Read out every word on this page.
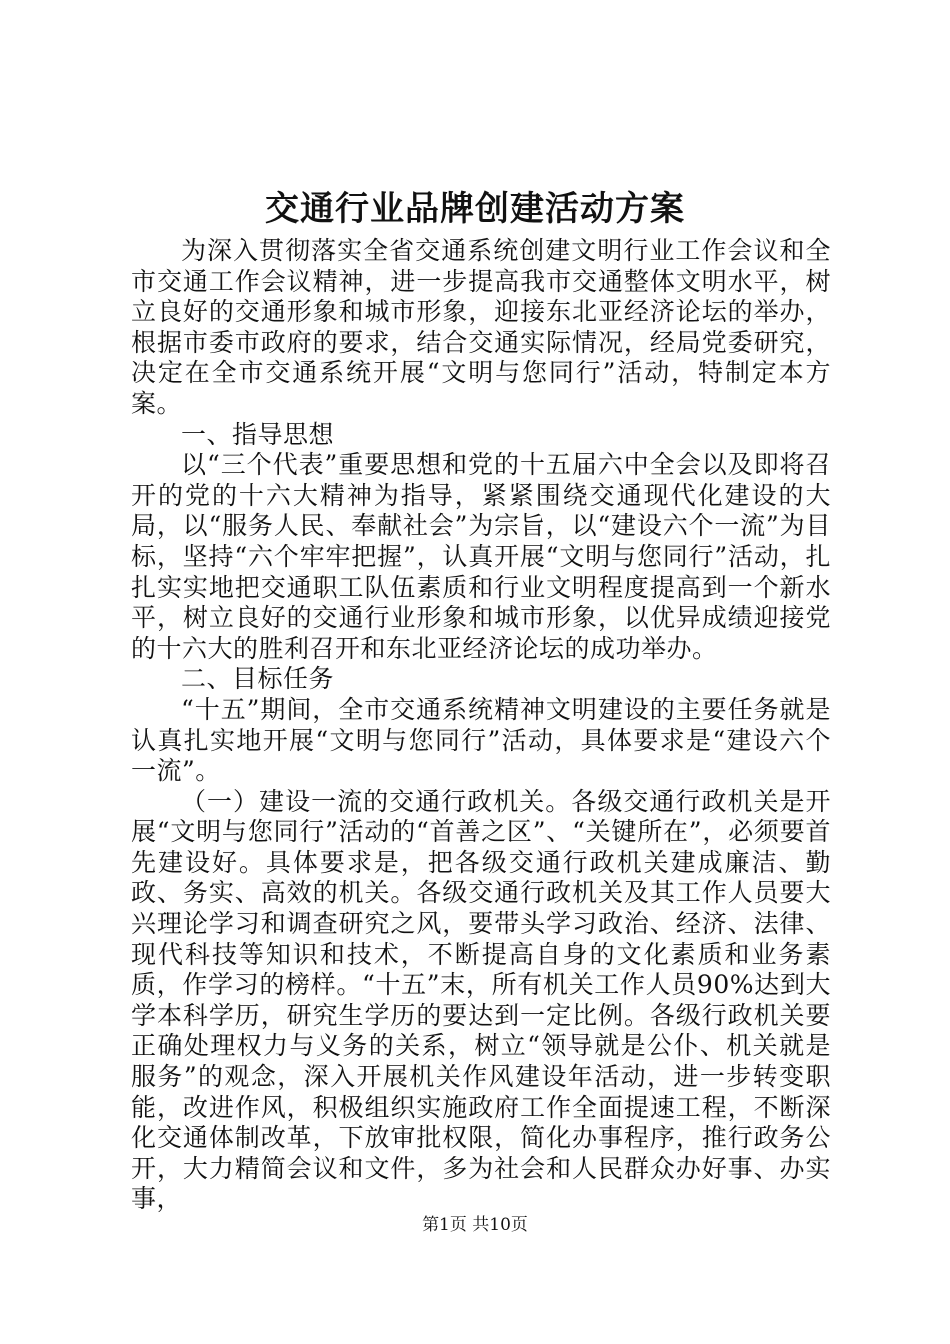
交通行业品牌创建活动方案

为深入贯彻落实全省交通系统创建文明行业工作会议和全市交通工作会议精神，进一步提高我市交通整体文明水平，树立良好的交通形象和城市形象，迎接东北亚经济论坛的举办，根据市委市政府的要求，结合交通实际情况，经局党委研究，决定在全市交通系统开展“文明与您同行”活动，特制定本方案。

一、指导思想

以“三个代表”重要思想和党的十五届六中全会以及即将召开的党的十六大精神为指导，紧紧围绕交通现代化建设的大局，以“服务人民、奉献社会”为宗旨，以“建设六个一流”为目标，坚持“六个牢牢把握”，认真开展“文明与您同行”活动，扎扎实实地把交通职工队伍素质和行业文明程度提高到一个新水平，树立良好的交通行业形象和城市形象，以优异成绩迎接党的十六大的胜利召开和东北亚经济论坛的成功举办。

二、目标任务

“十五”期间，全市交通系统精神文明建设的主要任务就是认真扎实地开展“文明与您同行”活动，具体要求是“建设六个一流”。

（一）建设一流的交通行政机关。各级交通行政机关是开展“文明与您同行”活动的“首善之区”、“关键所在”，必须要首先建设好。具体要求是，把各级交通行政机关建成廉洁、勤政、务实、高效的机关。各级交通行政机关及其工作人员要大兴理论学习和调查研究之风，要带头学习政治、经济、法律、现代科技等知识和技术，不断提高自身的文化素质和业务素质，作学习的榜样。“十五”末，所有机关工作人员90%达到大学本科学历，研究生学历的要达到一定比例。各级行政机关要正确处理权力与义务的关系，树立“领导就是公仆、机关就是服务”的观念，深入开展机关作风建设年活动，进一步转变职能，改进作风，积极组织实施政府工作全面提速工程，不断深化交通体制改革，下放审批权限，简化办事程序，推行政务公开，大力精简会议和文件，多为社会和人民群众办好事、办实事，

第1页 共10页
